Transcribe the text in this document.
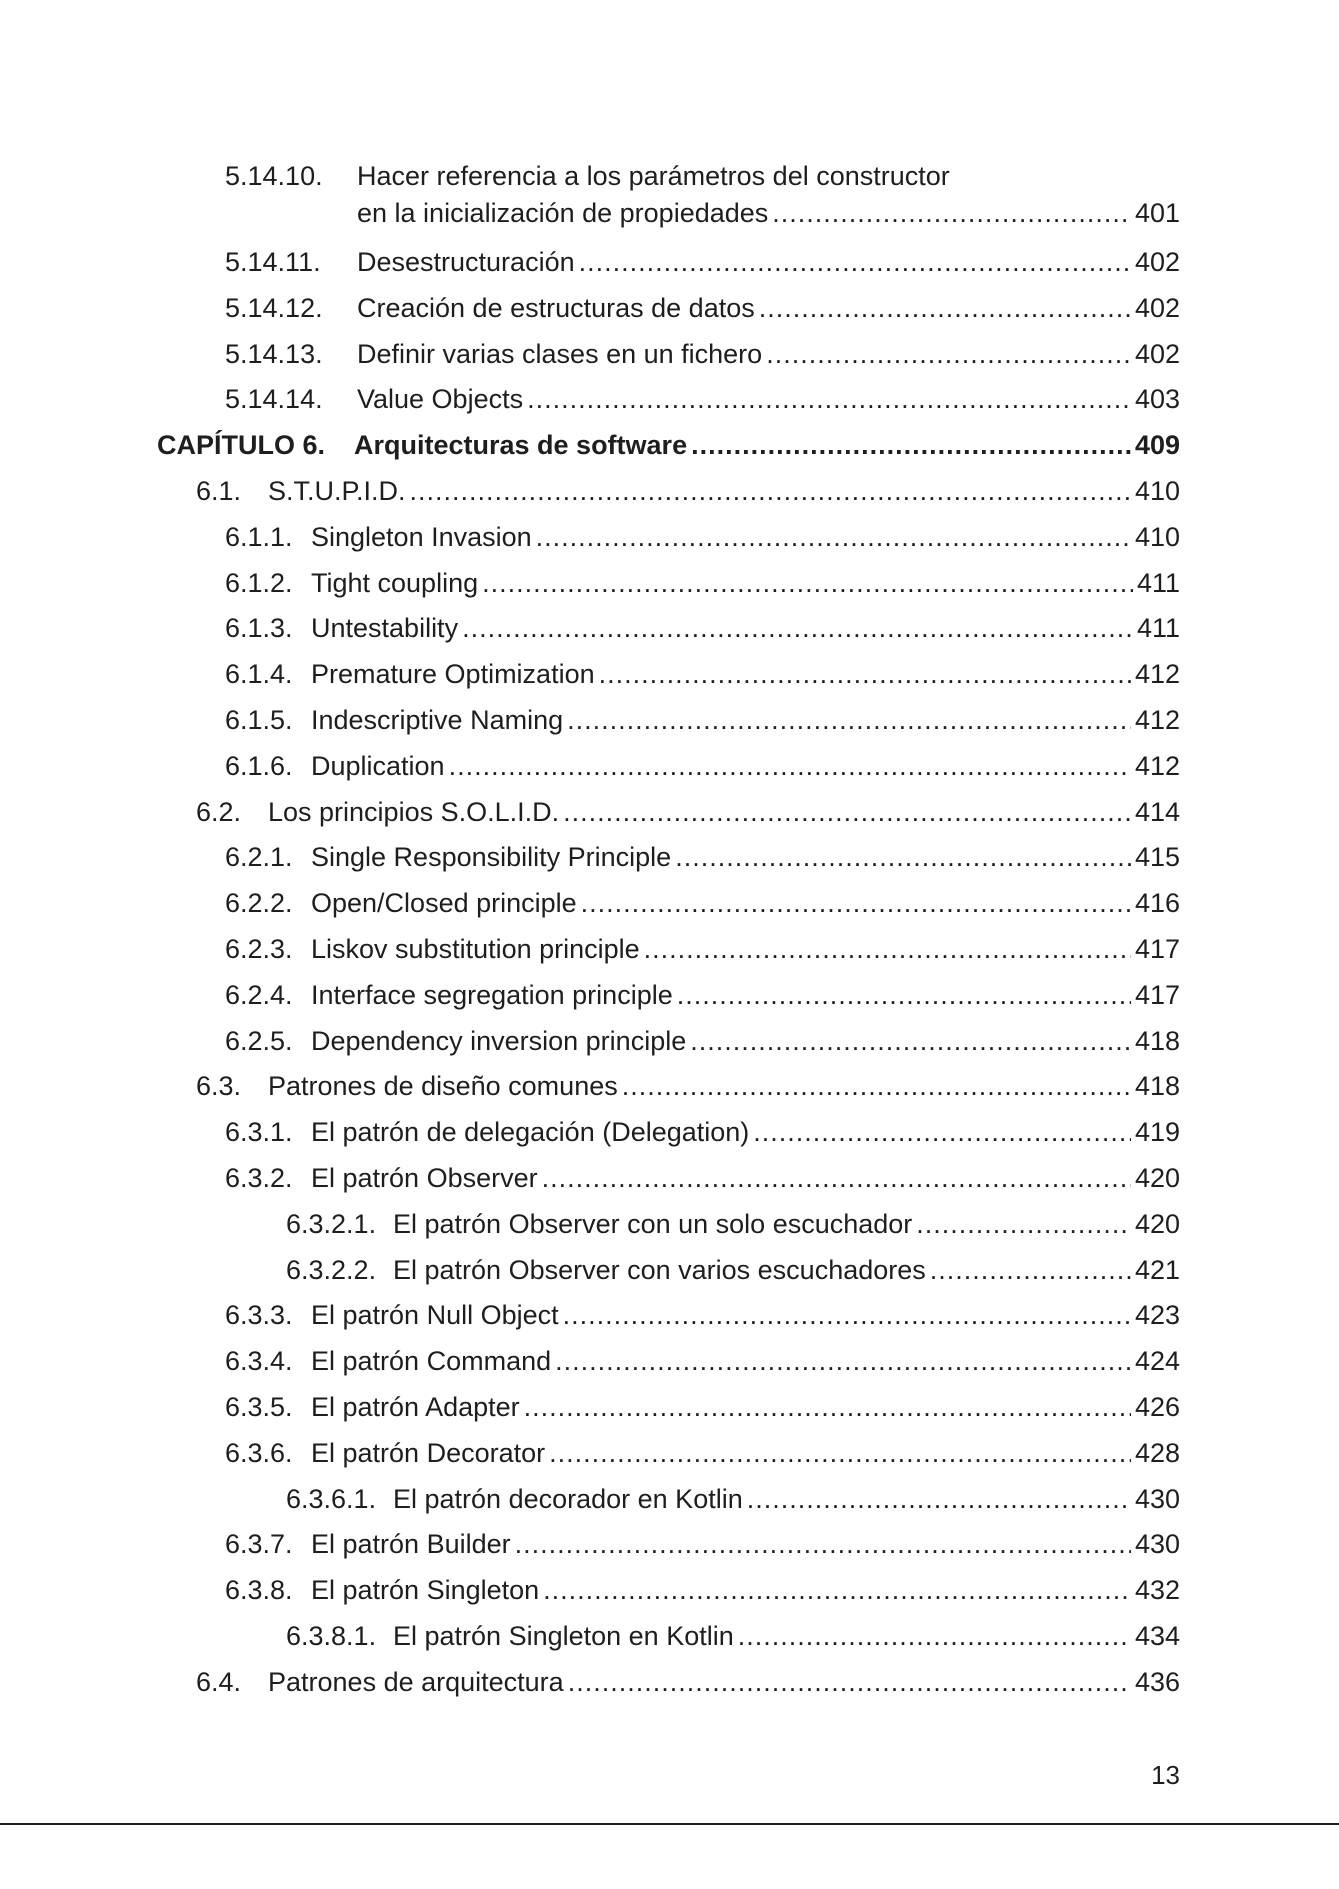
5.14.10. Hacer referencia a los parámetros del constructor
en la inicialización de propiedades .....	401
5.14.11. Desestructuración .....	402
5.14.12. Creación de estructuras de datos .....	402
5.14.13. Definir varias clases en un fichero .....	402
5.14.14. Value Objects .....	403
CAPÍTULO 6. Arquitecturas de software .....	409
6.1. S.T.U.P.I.D. .....	410
6.1.1. Singleton Invasion .....	410
6.1.2. Tight coupling .....	411
6.1.3. Untestability .....	411
6.1.4. Premature Optimization .....	412
6.1.5. Indescriptive Naming .....	412
6.1.6. Duplication .....	412
6.2. Los principios S.O.L.I.D. .....	414
6.2.1. Single Responsibility Principle .....	415
6.2.2. Open/Closed principle .....	416
6.2.3. Liskov substitution principle .....	417
6.2.4. Interface segregation principle .....	417
6.2.5. Dependency inversion principle .....	418
6.3. Patrones de diseño comunes .....	418
6.3.1. El patrón de delegación (Delegation) .....	419
6.3.2. El patrón Observer .....	420
6.3.2.1. El patrón Observer con un solo escuchador .....	420
6.3.2.2. El patrón Observer con varios escuchadores .....	421
6.3.3. El patrón Null Object .....	423
6.3.4. El patrón Command .....	424
6.3.5. El patrón Adapter .....	426
6.3.6. El patrón Decorator .....	428
6.3.6.1. El patrón decorador en Kotlin .....	430
6.3.7. El patrón Builder .....	430
6.3.8. El patrón Singleton .....	432
6.3.8.1. El patrón Singleton en Kotlin .....	434
6.4. Patrones de arquitectura .....	436
13
